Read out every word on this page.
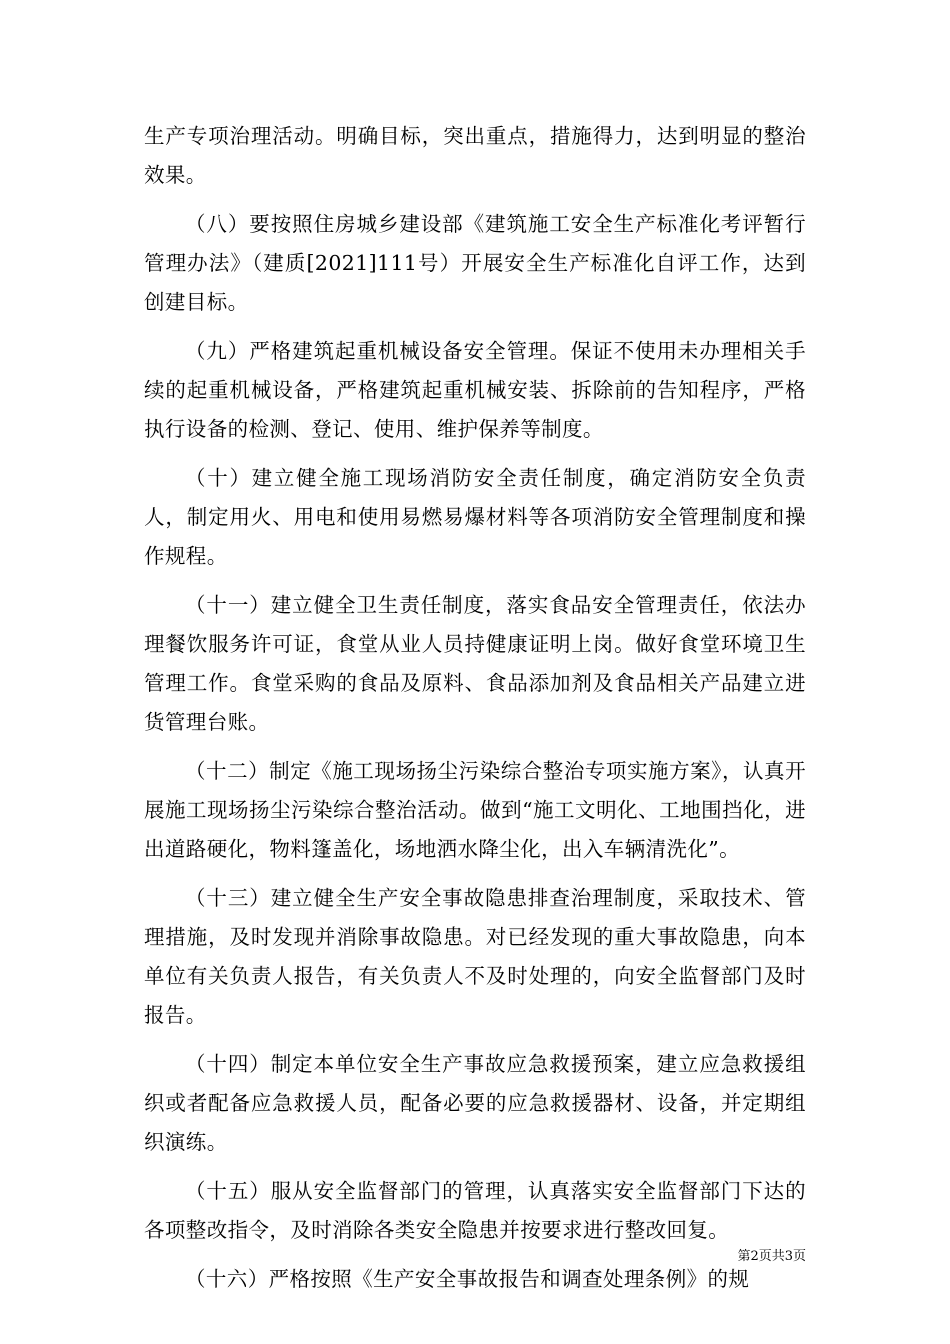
生产专项治理活动。明确目标，突出重点，措施得力，达到明显的整治效果。

（八）要按照住房城乡建设部《建筑施工安全生产标准化考评暂行管理办法》（建质[2021]111号）开展安全生产标准化自评工作，达到创建目标。

（九）严格建筑起重机械设备安全管理。保证不使用未办理相关手续的起重机械设备，严格建筑起重机械安装、拆除前的告知程序，严格执行设备的检测、登记、使用、维护保养等制度。

（十）建立健全施工现场消防安全责任制度，确定消防安全负责人，制定用火、用电和使用易燃易爆材料等各项消防安全管理制度和操作规程。

（十一）建立健全卫生责任制度，落实食品安全管理责任，依法办理餐饮服务许可证，食堂从业人员持健康证明上岗。做好食堂环境卫生管理工作。食堂采购的食品及原料、食品添加剂及食品相关产品建立进货管理台账。

（十二）制定《施工现场扬尘污染综合整治专项实施方案》，认真开展施工现场扬尘污染综合整治活动。做到“施工文明化、工地围挡化，进出道路硬化，物料篷盖化，场地洒水降尘化，出入车辆清洗化”。

（十三）建立健全生产安全事故隐患排查治理制度，采取技术、管理措施，及时发现并消除事故隐患。对已经发现的重大事故隐患，向本单位有关负责人报告，有关负责人不及时处理的，向安全监督部门及时报告。

（十四）制定本单位安全生产事故应急救援预案，建立应急救援组织或者配备应急救援人员，配备必要的应急救援器材、设备，并定期组织演练。

（十五）服从安全监督部门的管理，认真落实安全监督部门下达的各项整改指令，及时消除各类安全隐患并按要求进行整改回复。

（十六）严格按照《生产安全事故报告和调查处理条例》的规

第2页共3页
